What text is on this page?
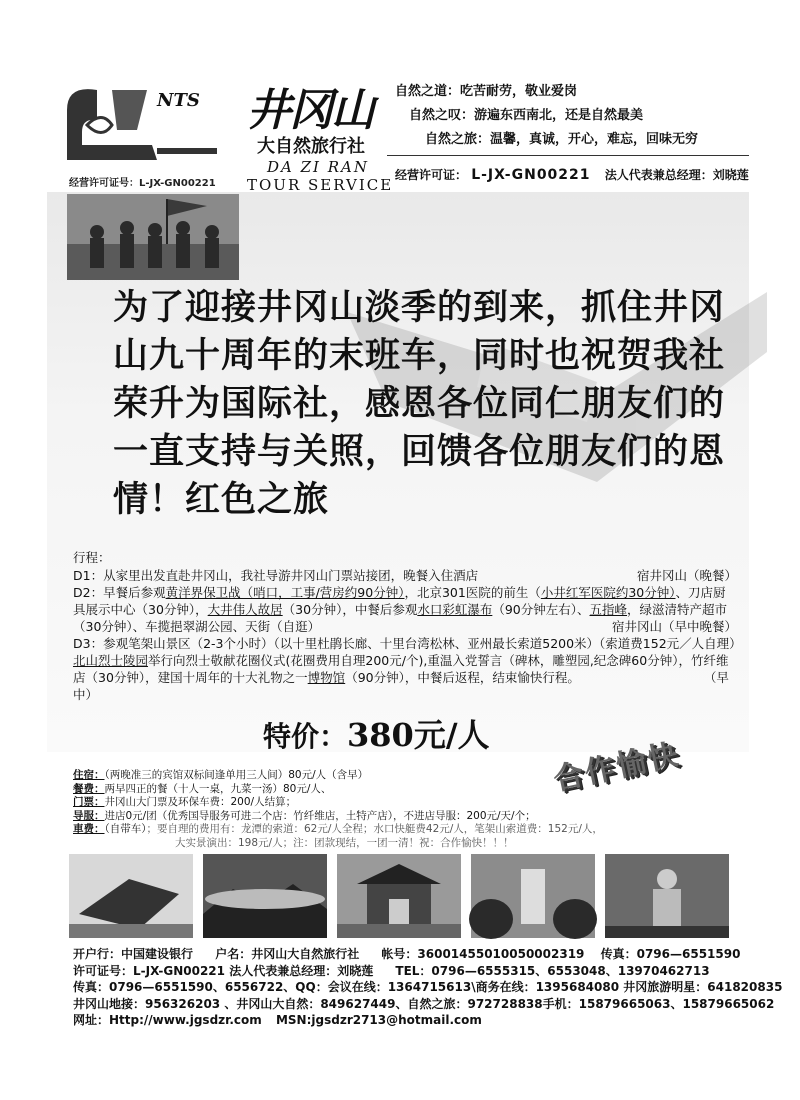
NTS
经营许可证号：L-JX-GN00221
井冈山
大自然旅行社
DA ZI RAN
TOUR SERVICE
自然之道：吃苦耐劳，敬业爱岗
自然之叹：游遍东西南北，还是自然最美
自然之旅：温馨，真诚，开心，难忘，回味无穷
经营许可证： L-JX-GN00221 法人代表兼总经理：刘晓莲
为了迎接井冈山淡季的到来，抓住井冈山九十周年的末班车，同时也祝贺我社荣升为国际社，感恩各位同仁朋友们的一直支持与关照，回馈各位朋友们的恩情！红色之旅
行程：
D1：从家里出发直赴井冈山，我社导游井冈山门票站接团，晚餐入住酒店	宿井冈山（晚餐）
D2：早餐后参观黄洋界保卫战（哨口，工事/营房约90分钟），北京301医院的前生（小井红军医院约30分钟）、刀店厨具展示中心（30分钟），大井伟人故居（30分钟），中餐后参观水口彩虹瀑布（90分钟左右）、五指峰，绿滋清特产超市（30分钟）、车揽挹翠湖公园、天街（自逛）	宿井冈山（早中晚餐）
D3：参观笔架山景区（2-3个小时）（以十里杜鹃长廊、十里台湾松林、亚州最长索道5200米）（索道费152元／人自理）北山烈士陵园举行向烈士敬献花圈仪式(花圈费用自理200元/个),重温入党誓言（碑林，雕塑园,纪念碑60分钟），竹纤维店（30分钟），建国十周年的十大礼物之一博物馆（90分钟），中餐后返程，结束愉快行程。	（早中）
特价：380元/人
合作愉快
住宿：（两晚准三的宾馆双标间逢单用三人间）80元/人（含早）
餐费：两早四正的餐（十人一桌，九菜一汤）80元/人、
门票：井冈山大门票及环保车费：200/人结算；
导服：进店0元/团（优秀国导服务可进二个店：竹纤维店，土特产店），不进店导服：200元/天/个；
車费：（自带车）；要自理的费用有：龙潭的索道：62元/人全程；水口快艇费42元/人，笔架山索道费：152元/人，
大实景演出：198元/人；注：团款现结，一团一清！祝：合作愉快！！！
开户行：中国建设银行 户名：井冈山大自然旅行社 帐号：36001455010050002319 传真：0796—6551590
许可证号：L-JX-GN00221 法人代表兼总经理：刘晓莲 TEL：0796—6555315、6553048、13970462713
传真：0796—6551590、6556722、QQ：会议在线：1364715613\商务在线：1395684080 井冈旅游明星：641820835
井冈山地接：956326203 、井冈山大自然：849627449、自然之旅：972728838手机：15879665063、15879665062
网址：Http://www.jgsdzr.com MSN:jgsdzr2713@hotmail.com
